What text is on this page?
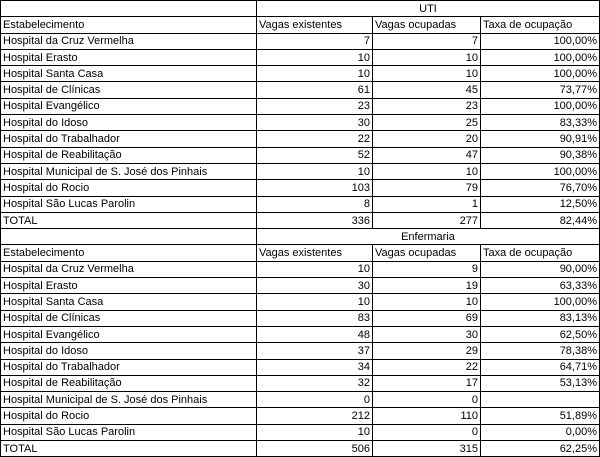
	UTI		
Estabelecimento	Vagas existentes	Vagas ocupadas	Taxa de ocupação
Hospital da Cruz Vermelha	7	7	100,00%
Hospital Erasto	10	10	100,00%
Hospital Santa Casa	10	10	100,00%
Hospital de Clínicas	61	45	73,77%
Hospital Evangélico	23	23	100,00%
Hospital do Idoso	30	25	83,33%
Hospital do Trabalhador	22	20	90,91%
Hospital de Reabilitação	52	47	90,38%
Hospital Municipal de S. José dos Pinhais	10	10	100,00%
Hospital do Rocio	103	79	76,70%
Hospital São Lucas Parolin	8	1	12,50%
TOTAL	336	277	82,44%
	Enfermaria		
Estabelecimento	Vagas existentes	Vagas ocupadas	Taxa de ocupação
Hospital da Cruz Vermelha	10	9	90,00%
Hospital Erasto	30	19	63,33%
Hospital Santa Casa	10	10	100,00%
Hospital de Clínicas	83	69	83,13%
Hospital Evangélico	48	30	62,50%
Hospital do Idoso	37	29	78,38%
Hospital do Trabalhador	34	22	64,71%
Hospital de Reabilitação	32	17	53,13%
Hospital Municipal de S. José dos Pinhais	0	0	
Hospital do Rocio	212	110	51,89%
Hospital São Lucas Parolin	10	0	0,00%
TOTAL	506	315	62,25%
